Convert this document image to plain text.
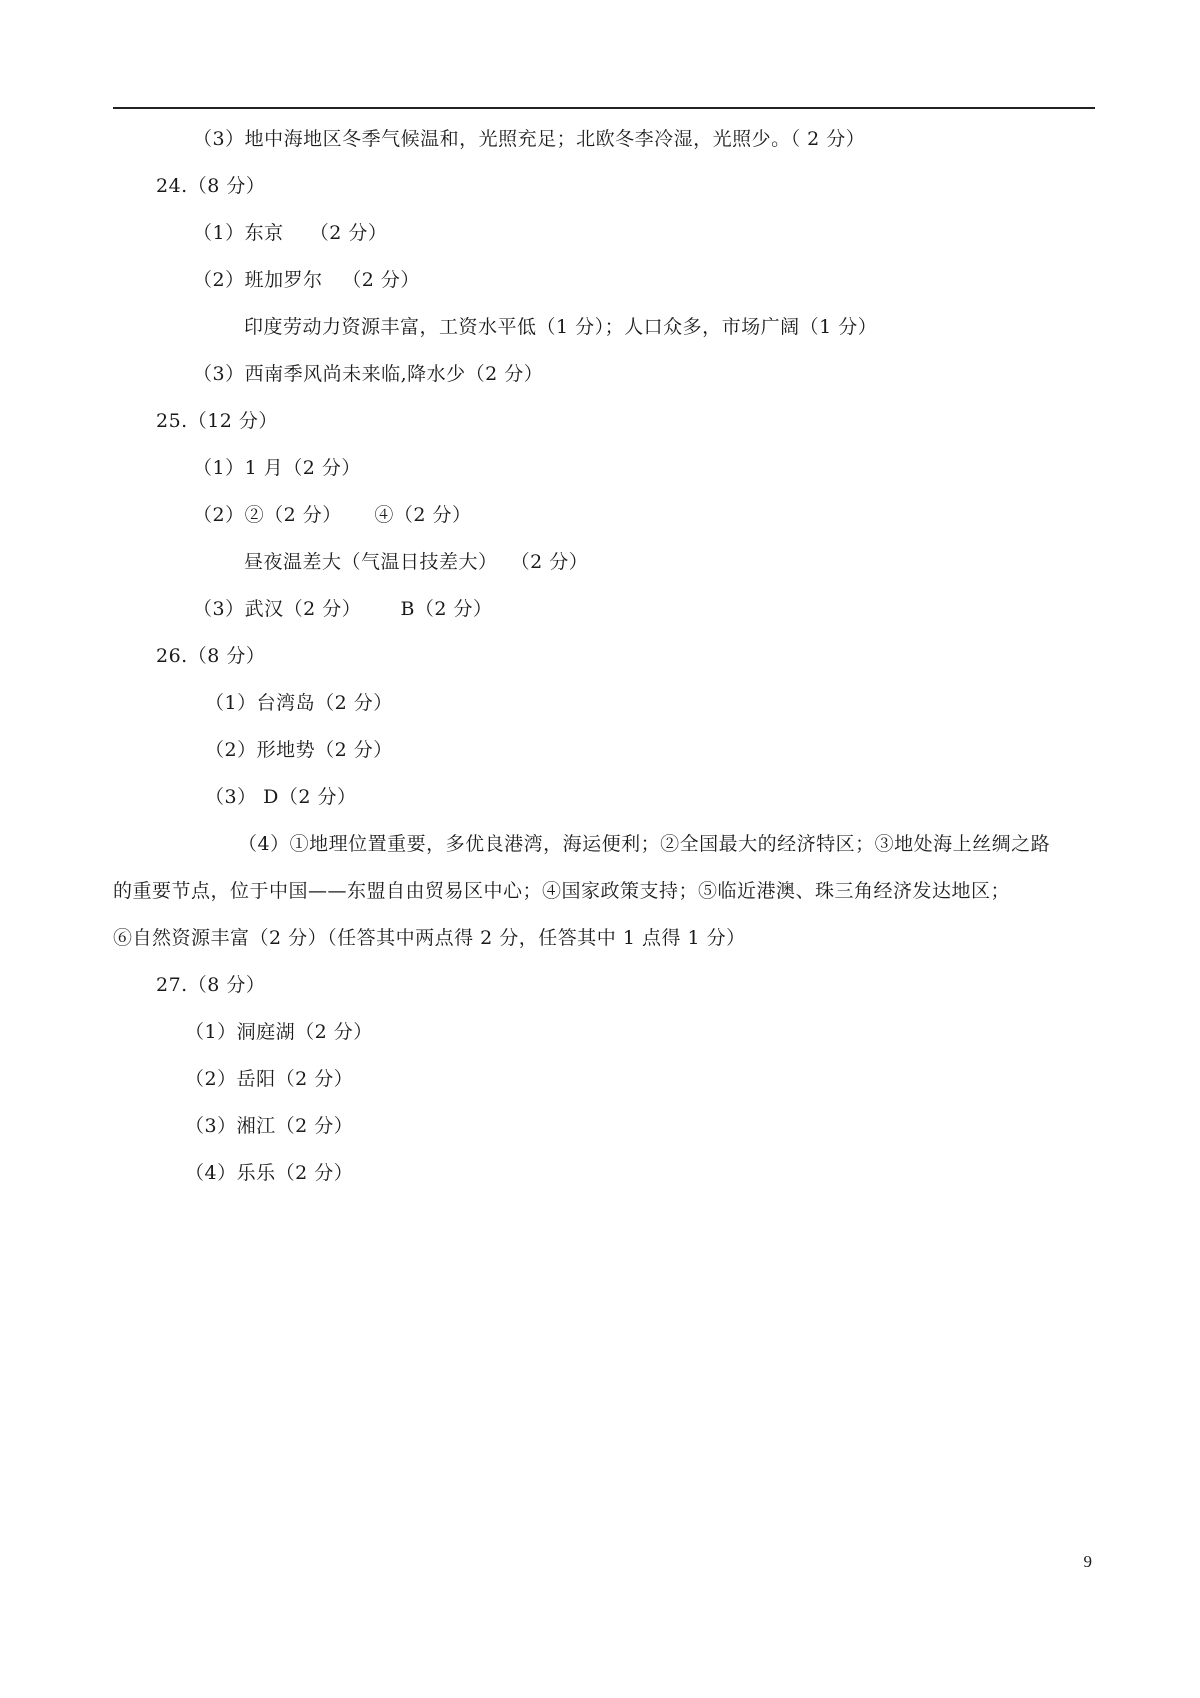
（3）地中海地区冬季气候温和，光照充足；北欧冬李冷湿，光照少。（ 2 分）
24.（8 分）
（1）东京    （2 分）
（2）班加罗尔   （2 分）
印度劳动力资源丰富，工资水平低（1 分）；人口众多，市场广阔（1 分）
（3）西南季风尚未来临,降水少（2 分）
25.（12 分）
（1）1 月（2 分）
（2）②（2 分）     ④（2 分）
昼夜温差大（气温日技差大）  （2 分）
（3）武汉（2 分）      B（2 分）
26.（8 分）
（1）台湾岛（2 分）
（2）形地势（2 分）
（3） D（2 分）
（4）①地理位置重要，多优良港湾，海运便利；②全国最大的经济特区；③地处海上丝绸之路
的重要节点，位于中国——东盟自由贸易区中心；④国家政策支持；⑤临近港澳、珠三角经济发达地区；
⑥自然资源丰富（2 分）（任答其中两点得 2 分，任答其中 1 点得 1 分）
27.（8 分）
（1）洞庭湖（2 分）
（2）岳阳（2 分）
（3）湘江（2 分）
（4）乐乐（2 分）
9
